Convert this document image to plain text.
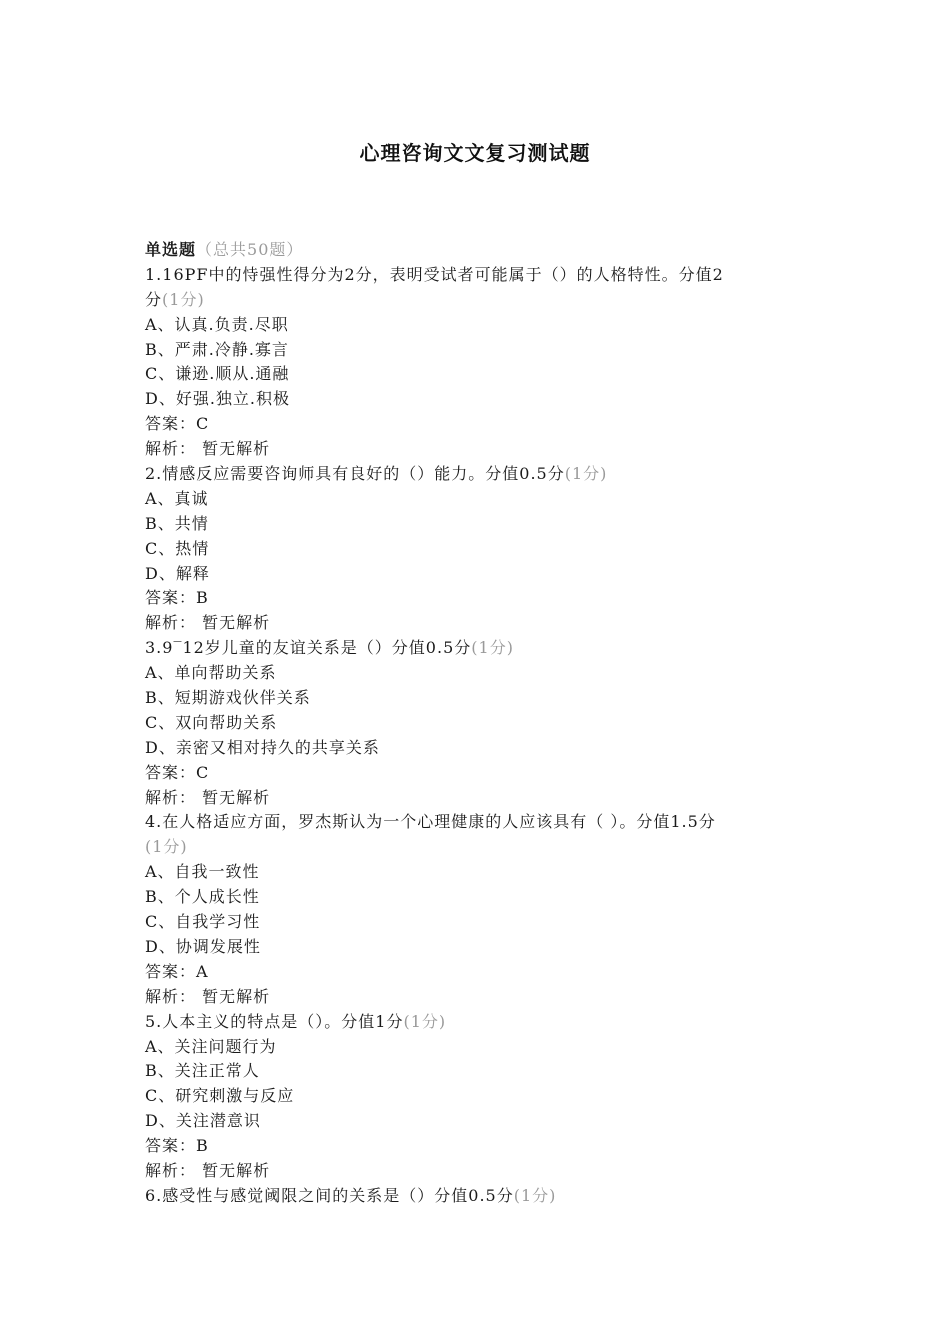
心理咨询文文复习测试题
单选题（总共50题）
1.16PF中的恃强性得分为2分，表明受试者可能属于（）的人格特性。分值2
分(1分)
A、认真.负责.尽职
B、严肃.冷静.寡言
C、谦逊.顺从.通融
D、好强.独立.积极
答案：C
解析： 暂无解析
2.情感反应需要咨询师具有良好的（）能力。分值0.5分(1分)
A、真诚
B、共情
C、热情
D、解释
答案：B
解析： 暂无解析
3.9‾12岁儿童的友谊关系是（）分值0.5分(1分)
A、单向帮助关系
B、短期游戏伙伴关系
C、双向帮助关系
D、亲密又相对持久的共享关系
答案：C
解析： 暂无解析
4.在人格适应方面，罗杰斯认为一个心理健康的人应该具有（ ）。分值1.5分
(1分)
A、自我一致性
B、个人成长性
C、自我学习性
D、协调发展性
答案：A
解析： 暂无解析
5.人本主义的特点是（）。分值1分(1分)
A、关注问题行为
B、关注正常人
C、研究刺激与反应
D、关注潜意识
答案：B
解析： 暂无解析
6.感受性与感觉阈限之间的关系是（）分值0.5分(1分)
